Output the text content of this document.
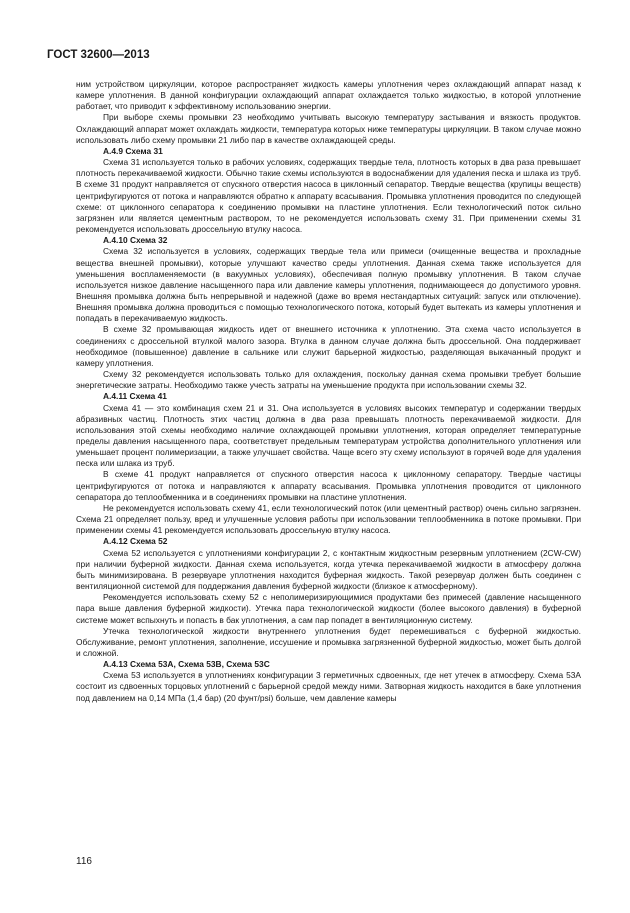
ГОСТ 32600—2013

ним устройством циркуляции, которое распространяет жидкость камеры уплотнения через охлаждающий аппарат назад к камере уплотнения. В данной конфигурации охлаждающий аппарат охлаждается только жидкостью, в которой уплотнение работает, что приводит к эффективному использованию энергии.

При выборе схемы промывки 23 необходимо учитывать высокую температуру застывания и вязкость продуктов. Охлаждающий аппарат может охлаждать жидкости, температура которых ниже температуры циркуляции. В таком случае можно использовать либо схему промывки 21 либо пар в качестве охлаждающей среды.

А.4.9 Схема 31

Схема 31 используется только в рабочих условиях, содержащих твердые тела, плотность которых в два раза превышает плотность перекачиваемой жидкости. Обычно такие схемы используются в водоснабжении для удаления песка и шлака из труб. В схеме 31 продукт направляется от спускного отверстия насоса в циклонный сепаратор. Твердые вещества (крупицы веществ) центрифугируются от потока и направляются обратно к аппарату всасывания. Промывка уплотнения проводится по следующей схеме: от циклонного сепаратора к соединению промывки на пластине уплотнения. Если технологический поток сильно загрязнен или является цементным раствором, то не рекомендуется использовать схему 31. При применении схемы 31 рекомендуется использовать дроссельную втулку насоса.

А.4.10 Схема 32

Схема 32 используется в условиях, содержащих твердые тела или примеси (очищенные вещества и прохладные вещества внешней промывки), которые улучшают качество среды уплотнения. Данная схема также используется для уменьшения воспламеняемости (в вакуумных условиях), обеспечивая полную промывку уплотнения. В таком случае используется низкое давление насыщенного пара или давление камеры уплотнения, поднимающееся до допустимого уровня. Внешняя промывка должна быть непрерывной и надежной (даже во время нестандартных ситуаций: запуск или отключение). Внешняя промывка должна проводиться с помощью технологического потока, который будет вытекать из камеры уплотнения и попадать в перекачиваемую жидкость.

В схеме 32 промывающая жидкость идет от внешнего источника к уплотнению. Эта схема часто используется в соединениях с дроссельной втулкой малого зазора. Втулка в данном случае должна быть дроссельной. Она поддерживает необходимое (повышенное) давление в сальнике или служит барьерной жидкостью, разделяющая выкачанный продукт и камеру уплотнения.

Схему 32 рекомендуется использовать только для охлаждения, поскольку данная схема промывки требует большие энергетические затраты. Необходимо также учесть затраты на уменьшение продукта при использовании схемы 32.

А.4.11 Схема 41

Схема 41 — это комбинация схем 21 и 31. Она используется в условиях высоких температур и содержании твердых абразивных частиц. Плотность этих частиц должна в два раза превышать плотность перекачиваемой жидкости. Для использования этой схемы необходимо наличие охлаждающей промывки уплотнения, которая определяет температурные пределы давления насыщенного пара, соответствует предельным температурам устройства дополнительного уплотнения или уменьшает процент полимеризации, а также улучшает свойства. Чаще всего эту схему используют в горячей воде для удаления песка или шлака из труб.

В схеме 41 продукт направляется от спускного отверстия насоса к циклонному сепаратору. Твердые частицы центрифугируются от потока и направляются к аппарату всасывания. Промывка уплотнения проводится от циклонного сепаратора до теплообменника и в соединениях промывки на пластине уплотнения.

Не рекомендуется использовать схему 41, если технологический поток (или цементный раствор) очень сильно загрязнен. Схема 21 определяет пользу, вред и улучшенные условия работы при использовании теплообменника в потоке промывки. При применении схемы 41 рекомендуется использовать дроссельную втулку насоса.

А.4.12 Схема 52

Схема 52 используется с уплотнениями конфигурации 2, с контактным жидкостным резервным уплотнением (2CW-CW) при наличии буферной жидкости. Данная схема используется, когда утечка перекачиваемой жидкости в атмосферу должна быть минимизирована. В резервуаре уплотнения находится буферная жидкость. Такой резервуар должен быть соединен с вентиляционной системой для поддержания давления буферной жидкости (близкое к атмосферному).

Рекомендуется использовать схему 52 с неполимеризирующимися продуктами без примесей (давление насыщенного пара выше давления буферной жидкости). Утечка пара технологической жидкости (более высокого давления) в буферной системе может вспыхнуть и попасть в бак уплотнения, а сам пар попадет в вентиляционную систему.

Утечка технологической жидкости внутреннего уплотнения будет перемешиваться с буферной жидкостью. Обслуживание, ремонт уплотнения, заполнение, иссушение и промывка загрязненной буферной жидкостью, может быть долгой и сложной.

А.4.13 Схема 53А, Схема 53В, Схема 53С

Схема 53 используется в уплотнениях конфигурации 3 герметичных сдвоенных, где нет утечек в атмосферу. Схема 53А состоит из сдвоенных торцовых уплотнений с барьерной средой между ними. Затворная жидкость находится в баке уплотнения под давлением на 0,14 МПа (1,4 бар) (20 фунт/psi) больше, чем давление камеры

116
